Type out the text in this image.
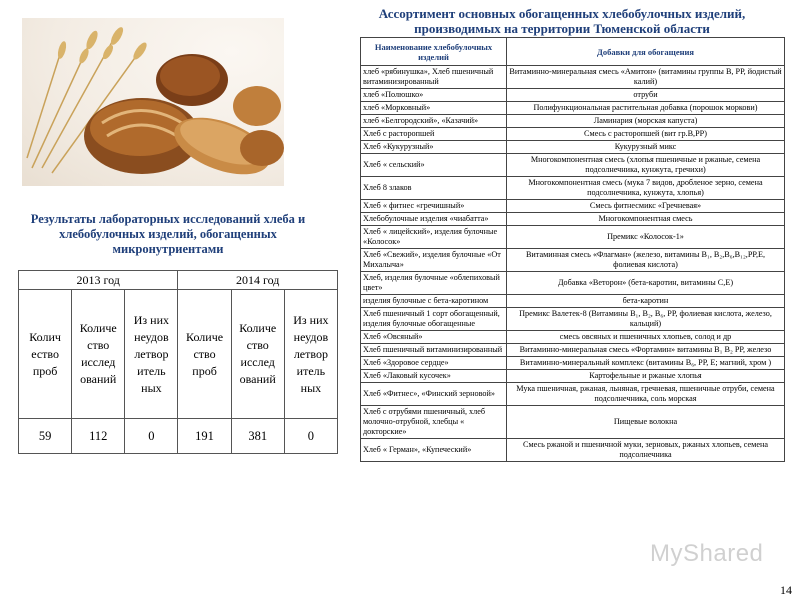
Результаты лабораторных исследований хлеба и хлебобулочных изделий, обогащенных микронутриентами
2013 год			2014 год		
Колич ество проб	Количе ство исслед ований	Из них неудов летвор итель ных	Количе ство проб	Количе ство исслед ований	Из них неудов летвор итель ных
59	112	0	191	381	0
Ассортимент основных обогащенных хлебобулочных изделий, производимых на территории Тюменской области
Наименование хлебобулочных изделий	Добавки для обогащения
хлеб «рябинушка», Хлеб пшеничный витаминизированный	Витаминно-минеральная смесь «Амитон» (витамины группы В, РР, йодистый калий)
хлеб «Полюшко»	отруби
хлеб «Морковный»	Полифункциональная растительная добавка (порошок моркови)
хлеб «Белгородский», «Казачий»	Ламинария (морская капуста)
Хлеб с расторопшей	Смесь с расторопшей (вит гр.В,РР)
Хлеб «Кукурузный»	Кукурузный микс
Хлеб « сельский»	Многокомпонентная смесь (хлопья пшеничные и ржаные, семена подсолнечника, кунжута, гречихи)
Хлеб 8 злаков	Многокомпонентная смесь (мука 7 видов, дробленое зерно, семена подсолнечника, кунжута, хлопья)
Хлеб « фитнес «гречишный»	Смесь фитнесмикс «Гречневая»
Хлебобулочные изделия «чиабатта»	Многокомпонентная смесь
Хлеб « лицейский», изделия булочные «Колосок»	Премикс «Колосок-1»
Хлеб «Свежий», изделия булочные «От Михалыча»	Витаминная смесь «Флагман» (железо, витамины В₁, В₂,В₆,В₁₂,РР,Е, фолиевая кислота)
Хлеб, изделия булочные «облепиховый цвет»	Добавка «Веторон» (бета-каротин, витамины С,Е)
изделия булочные с бета-каротином	бета-каротин
Хлеб пшеничный 1 сорт обогащенный, изделия булочные обогащенные	Премикс Валетек-8 (Витамины В₁, В₂, В₆, РР, фолиевая кислота, железо, кальций)
Хлеб «Овсяный»	смесь овсяных и пшеничных хлопьев, солод и др
Хлеб пшеничный витаминизированный	Витаминно-минеральная смесь «Фортамин» витамины В₁ В₂ РР, железо
Хлеб «Здоровое сердце»	Витаминно-минеральный комплекс (витамины В₆, РР, Е; магний, хром )
Хлеб «Лаковый кусочек»	Картофельные и ржаные хлопья
Хлеб «Фитнес», «Финский зерновой»	Мука пшеничная, ржаная, льняная, гречневая, пшеничные отруби, семена подсолнечника, соль морская
Хлеб с отрубями пшеничный, хлеб молочно-отрубной, хлебцы « докторские»	Пищевые волокна
Хлеб « Герман», «Купеческий»	Смесь ржаной и пшеничной муки, зерновых, ржаных хлопьев, семена подсолнечника
MyShared
14
